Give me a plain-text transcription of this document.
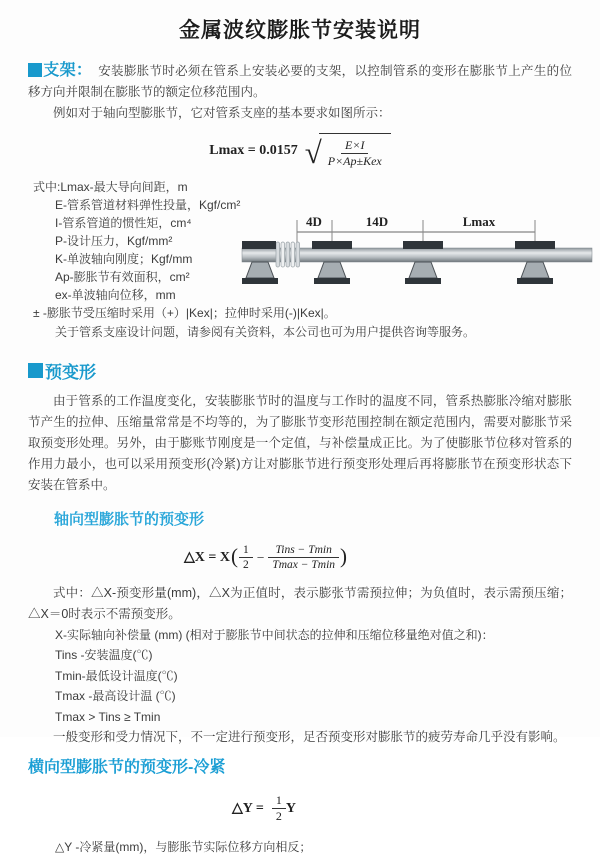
金属波纹膨胀节安装说明

支架： 安装膨胀节时必须在管系上安装必要的支架，以控制管系的变形在膨胀节上产生的位移方向并限制在膨胀节的额定位移范围内。

例如对于轴向型膨胀节，它对管系支座的基本要求如图所示：

Lmax = 0.0157 √ $\frac{E\times I}{\text{P×Ap±Kex}}$
式中:Lmax-最大导向间距，m
E-管系管道材料弹性投量，Kgf/cm²
I-管系管道的惯性矩，cm⁴
P-设计压力，Kgf/mm²
K-单波轴向刚度；Kgf/mm
Ap-膨胀节有效面积，cm²
ex-单波轴向位移，mm
4D	14D	Lmax
± -膨胀节受压缩时采用（+）|Kex|；拉伸时采用(-)|Kex|。
关于管系支座设计问题，请参阅有关资料，本公司也可为用户提供咨询等服务。
预变形

由于管系的工作温度变化，安装膨胀节时的温度与工作时的温度不同，管系热膨胀冷缩对膨胀节产生的拉伸、压缩量常常是不均等的，为了膨胀节变形范围控制在额定范围内，需要对膨胀节采取预变形处理。另外，由于膨账节刚度是一个定值，与补偿量成正比。为了使膨胀节位移对管系的作用力最小，也可以采用预变形(冷紧)方让对膨胀节进行预变形处理后再将膨胀节在预变形状态下安装在管系中。

轴向型膨胀节的预变形
△X = X ( $\frac{1}{2} - \frac{\text{Tins − Tmin}}{Tmax - Tmin}$ )

式中：△X-预变形量(mm)，△X为正值时，表示膨张节需预拉伸；为负值时，表示需预压缩；△X＝0时表示不需预变形。

X-实际轴向补偿量 (mm) (相对于膨胀节中间状态的拉伸和压缩位移量绝对值之和)：
Tins -安装温度(℃)
Tmin-最低设计温度(℃)
Tmax -最高设计温 (℃)
Tmax > Tins ≥ Tmin

一般变形和受力情况下，不一定进行预变形，足否预变形对膨胀节的疲劳寿命几乎没有影响。

横向型膨胀节的预变形-冷紧
△Y = $\frac{1}{2}$ Y

△Y -冷紧量(mm)，与膨胀节实际位移方向相反；
